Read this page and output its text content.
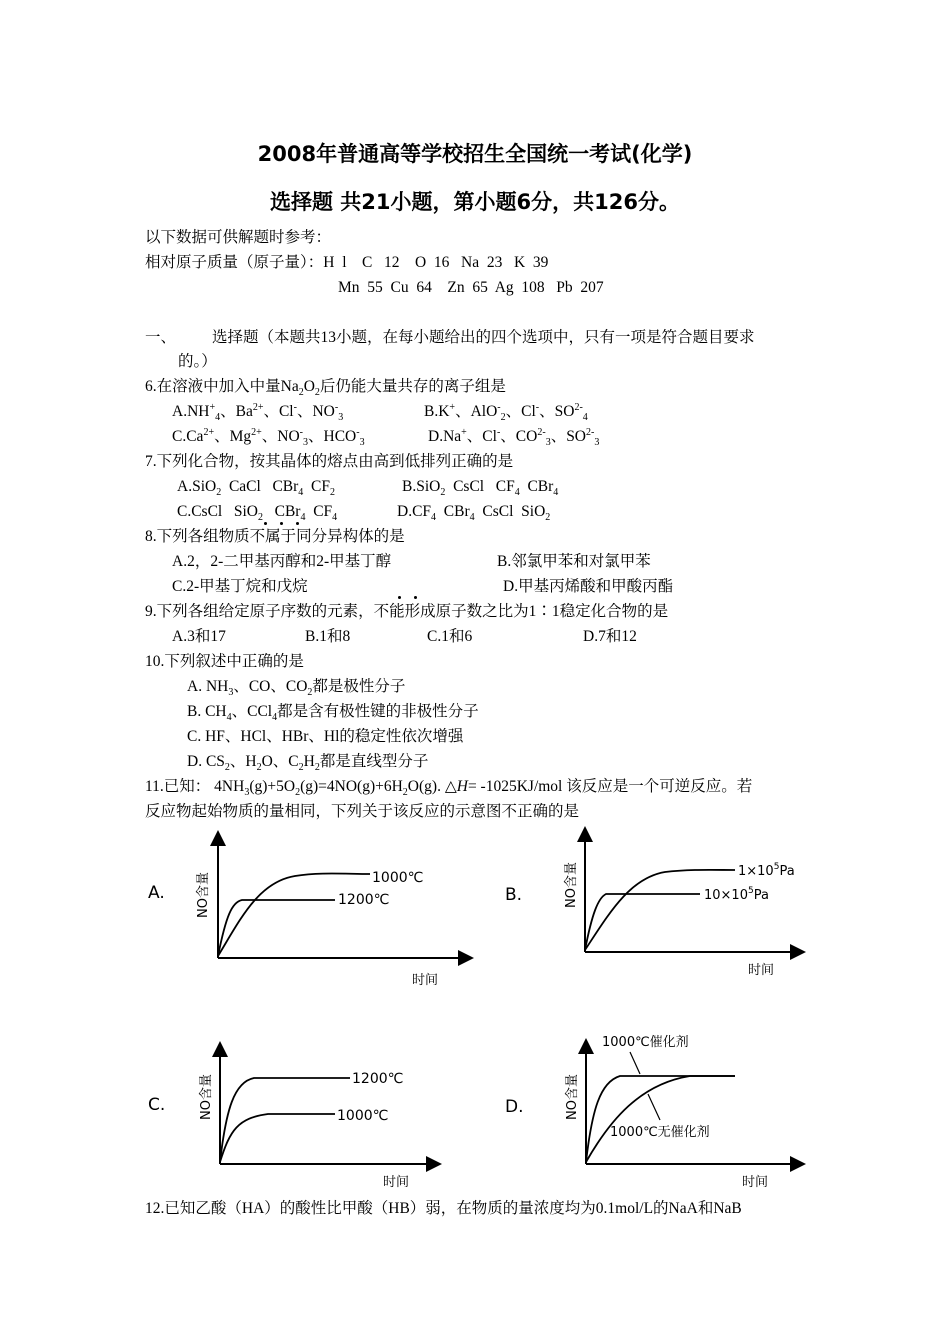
2008年普通高等学校招生全国统一考试(化学)
选择题 共21小题，第小题6分，共126分。
以下数据可供解题时参考：
相对原子质量（原子量）：H  l    C   12    O  16   Na  23   K  39
Mn  55  Cu  64    Zn  65  Ag  108   Pb  207
一、 选择题（本题共13小题，在每小题给出的四个选项中，只有一项是符合题目要求
的。）
6.在溶液中加入中量$Na_2O_2$后仍能大量共存的离子组是
$A.NH^+_4$、$Ba^{2+}$、Cl-、$NO^-_3$	B.K+、AlO-$_2$、Cl-、$SO^{2-}_4$
$C.Ca^{2+}$、$Mg^{2+}$、$NO^-_3$、$HCO^-_3$	D.Na+、Cl-、$CO^{2-}_3$、$SO^{2-}_3$
7.下列化合物，按其晶体的熔点由高到低排列正确的是
A.SiO$_2$  CaCl   CBr$_4$  $CF_2$	B.SiO$_2$  CsCl   $CF_4$  CBr$_4$
C.CsCl   SiO$_2$   CBr$_4$  $CF_4$	$D.CF_4$  CBr$_4$  CsCl  SiO$_2$
8.下列各组物质不属于同分异构体的是
A.2，2-二甲基丙醇和2-甲基丁醇	B.邻氯甲苯和对氯甲苯
C.2-甲基丁烷和戊烷	D.甲基丙烯酸和甲酸丙酯
9.下列各组给定原子序数的元素，不能形成原子数之比为1∶1稳定化合物的是
A.3和17	B.1和8	C.1和6	D.7和12
10.下列叙述中正确的是
A. $NH_3$、CO、$CO_2$都是极性分子
B. $CH_4$、CCl$_4$都是含有极性键的非极性分子
C. HF、HCl、HBr、Hl的稳定性依次增强
D. $CS_2$、$H_2O$、$C_2H_2$都是直线型分子
11.已知： $4NH_3(g)+5O_2(g)=4NO(g)+6H_2O(g)$. △H= -1025KJ/mol 该反应是一个可逆反应。若
反应物起始物质的量相同，下列关于该反应的示意图不正确的是
A. NO含量
时间
1000℃
1200℃	B.	NO含量
时间
$1\times 10^5Pa$
$10\times 10^5Pa$
C.	NO含量
时间
1200℃
1000℃	D.	NO含量
时间
1000℃催化剂
1000℃无催化剂
12.已知乙酸（HA）的酸性比甲酸（HB）弱，在物质的量浓度均为0.1mol/L的NaA和NaB
